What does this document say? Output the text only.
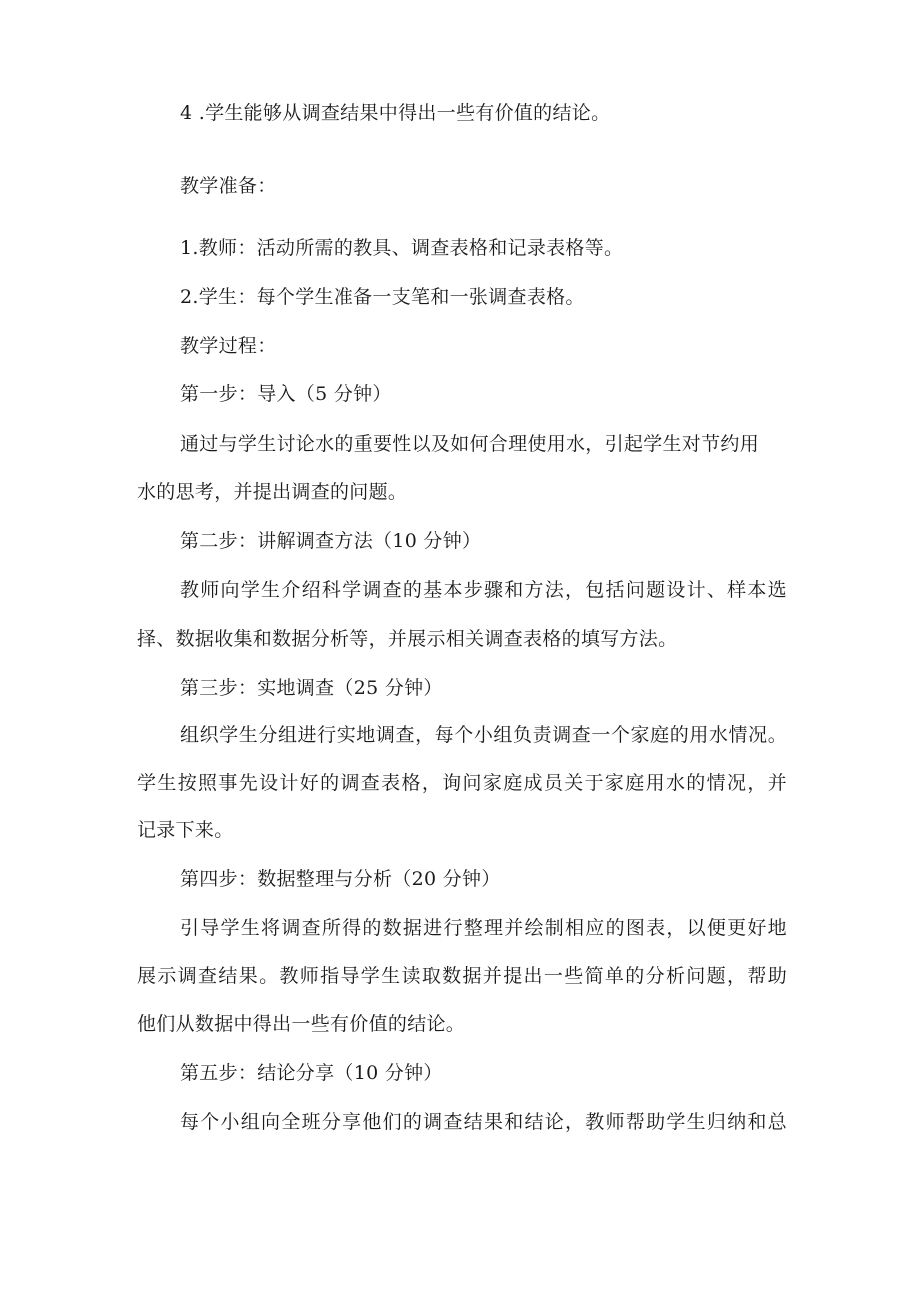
4 .学生能够从调查结果中得出一些有价值的结论。
教学准备：
1.教师：活动所需的教具、调查表格和记录表格等。
2.学生：每个学生准备一支笔和一张调查表格。
教学过程：
第一步：导入（5 分钟）
通过与学生讨论水的重要性以及如何合理使用水，引起学生对节约用
水的思考，并提出调查的问题。
第二步：讲解调查方法（10 分钟）
教师向学生介绍科学调查的基本步骤和方法，包括问题设计、样本选
择、数据收集和数据分析等，并展示相关调查表格的填写方法。
第三步：实地调查（25 分钟）
组织学生分组进行实地调查，每个小组负责调查一个家庭的用水情况。
学生按照事先设计好的调查表格，询问家庭成员关于家庭用水的情况，并
记录下来。
第四步：数据整理与分析（20 分钟）
引导学生将调查所得的数据进行整理并绘制相应的图表，以便更好地
展示调查结果。教师指导学生读取数据并提出一些简单的分析问题，帮助
他们从数据中得出一些有价值的结论。
第五步：结论分享（10 分钟）
每个小组向全班分享他们的调查结果和结论，教师帮助学生归纳和总
